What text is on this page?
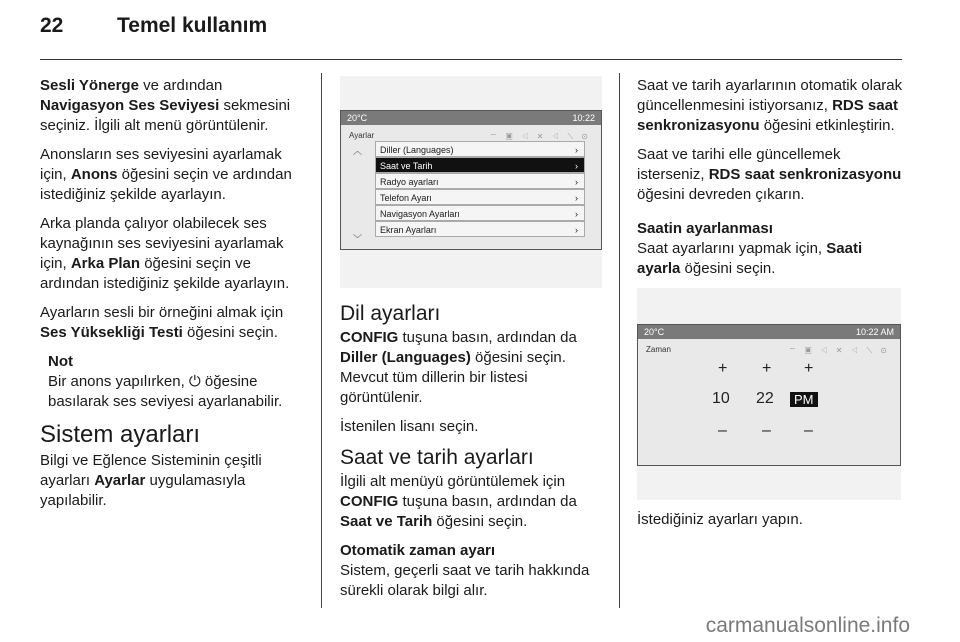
22	Temel kullanım

Sesli Yönerge ve ardından Navigasyon Ses Seviyesi sekmesini seçiniz. İlgili alt menü görüntülenir.

Anonsların ses seviyesini ayarlamak için, Anons öğesini seçin ve ardından istediğiniz şekilde ayarlayın.

Arka planda çalıyor olabilecek ses kaynağının ses seviyesini ayarlamak için, Arka Plan öğesini seçin ve ardından istediğiniz şekilde ayarlayın.

Ayarların sesli bir örneğini almak için Ses Yüksekliği Testi öğesini seçin.

Not
Bir anons yapılırken, ⏻ öğesine basılarak ses seviyesi ayarlanabilir.
Sistem ayarları

Bilgi ve Eğlence Sisteminin çeşitli ayarları Ayarlar uygulamasıyla yapılabilir.

20°C	10:22
Ayarlar	⌔ ▣ ◁ ✕ ◁ ⟍ ⊙
︿
﹀
Diller (Languages)	›
Saat ve Tarih	›
Radyo ayarları	›
Telefon Ayarı	›
Navigasyon Ayarları	›
Ekran Ayarları	›
Dil ayarları

CONFIG tuşuna basın, ardından da Diller (Languages) öğesini seçin. Mevcut tüm dillerin bir listesi görüntülenir.

İstenilen lisanı seçin.

Saat ve tarih ayarları

İlgili alt menüyü görüntülemek için CONFIG tuşuna basın, ardından da Saat ve Tarih öğesini seçin.

Otomatik zaman ayarı

Sistem, geçerli saat ve tarih hakkında sürekli olarak bilgi alır.

Saat ve tarih ayarlarının otomatik olarak güncellenmesini istiyorsanız, RDS saat senkronizasyonu öğesini etkinleştirin.

Saat ve tarihi elle güncellemek isterseniz, RDS saat senkronizasyonu öğesini devreden çıkarın.

Saatin ayarlanması

Saat ayarlarını yapmak için, Saati ayarla öğesini seçin.

20°C	10:22 AM
Zaman	⌔ ▣ ◁ ✕ ◁ ⟍ ⊙
+ + +
10 22	PM
– – –

İstediğiniz ayarları yapın.

carmanualsonline.info
